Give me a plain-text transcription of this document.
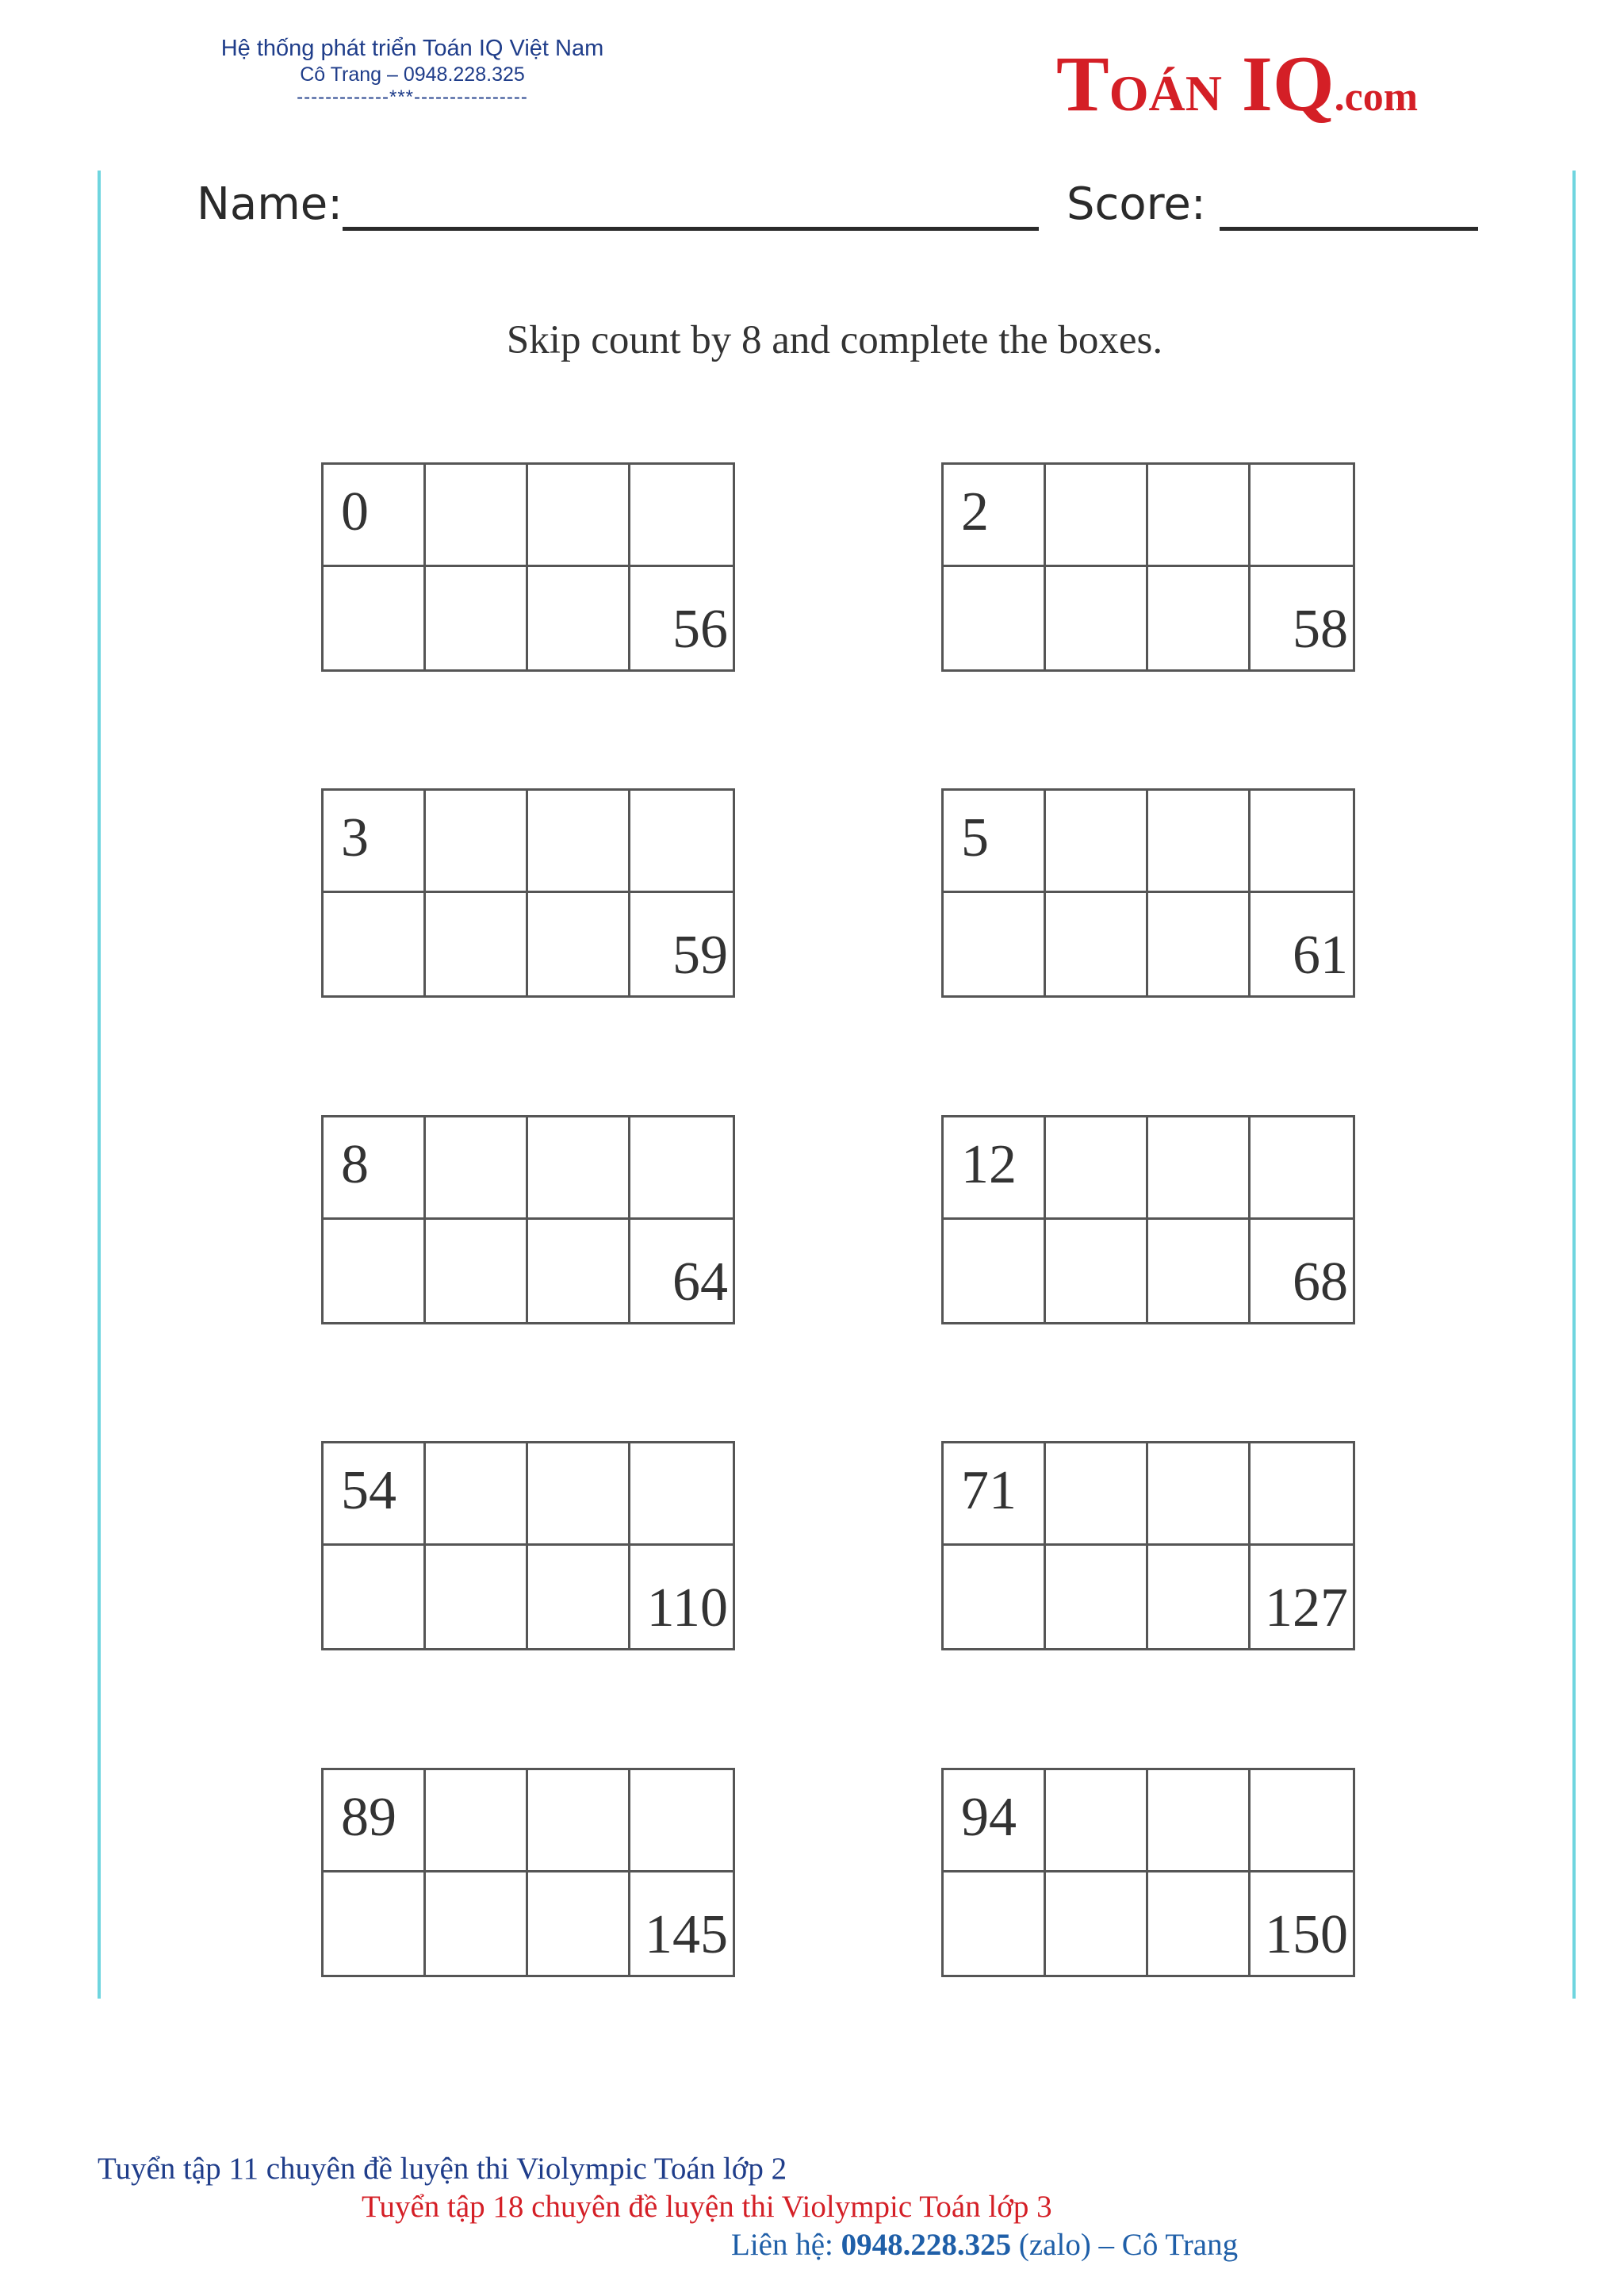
Hệ thống phát triển Toán IQ Việt Nam
Cô Trang – 0948.228.325
-------------***----------------	TOÁN IQ.com
Name:	Score:
Skip count by 8 and complete the boxes.
0
56
2
58
3
59
5
61
8
64
12
68
54
110
71
127
89
145
94
150
Tuyển tập 11 chuyên đề luyện thi Violympic Toán lớp 2
Tuyển tập 18 chuyên đề luyện thi Violympic Toán lớp 3
Liên hệ: 0948.228.325 (zalo) – Cô Trang
